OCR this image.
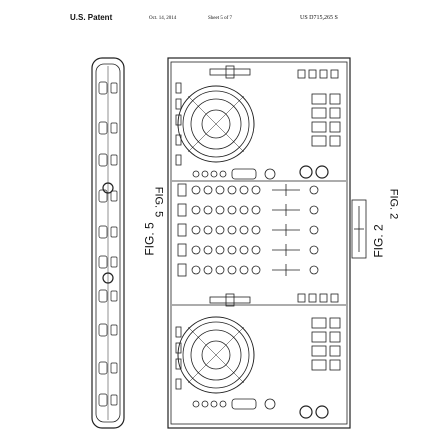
U.S. Patent	Oct. 14, 2014	Sheet 5 of 7	US D715,265 S
FIG. 5
FIG. 5
FIG. 2
FIG. 2
